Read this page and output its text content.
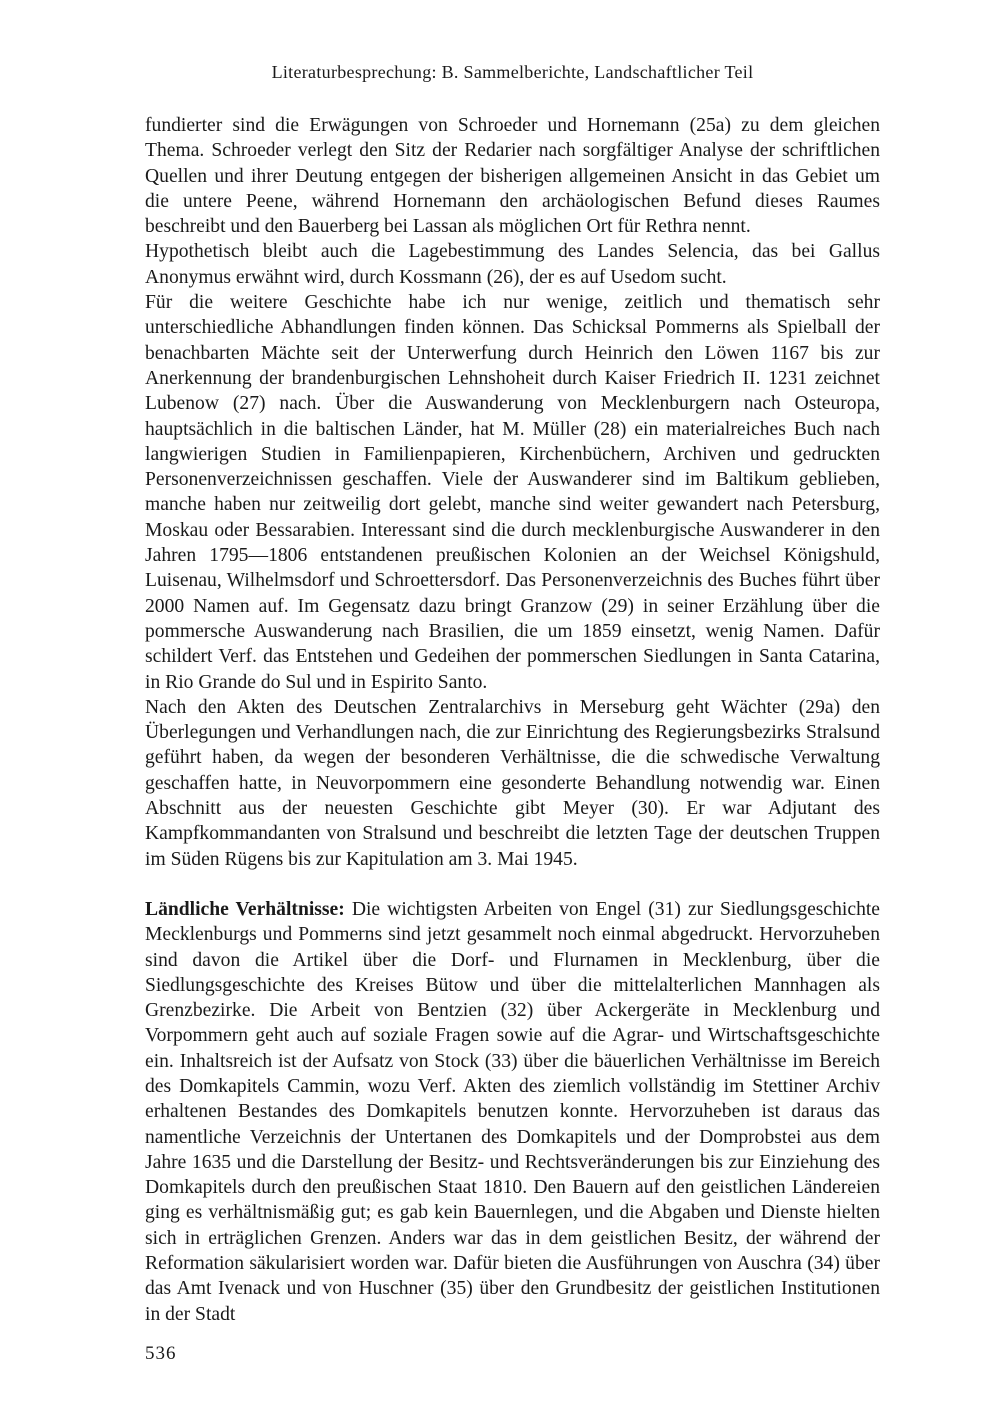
Literaturbesprechung: B. Sammelberichte, Landschaftlicher Teil

fundierter sind die Erwägungen von Schroeder und Hornemann (25a) zu dem gleichen Thema. Schroeder verlegt den Sitz der Redarier nach sorgfältiger Analyse der schriftlichen Quellen und ihrer Deutung entgegen der bisherigen allgemeinen Ansicht in das Gebiet um die untere Peene, während Hornemann den archäologischen Befund dieses Raumes beschreibt und den Bauerberg bei Lassan als möglichen Ort für Rethra nennt.

Hypothetisch bleibt auch die Lagebestimmung des Landes Selencia, das bei Gallus Anonymus erwähnt wird, durch Kossmann (26), der es auf Usedom sucht.

Für die weitere Geschichte habe ich nur wenige, zeitlich und thematisch sehr unterschiedliche Abhandlungen finden können. Das Schicksal Pommerns als Spielball der benachbarten Mächte seit der Unterwerfung durch Heinrich den Löwen 1167 bis zur Anerkennung der brandenburgischen Lehnshoheit durch Kaiser Friedrich II. 1231 zeichnet Lubenow (27) nach. Über die Auswanderung von Mecklenburgern nach Osteuropa, hauptsächlich in die baltischen Länder, hat M. Müller (28) ein materialreiches Buch nach langwierigen Studien in Familienpapieren, Kirchenbüchern, Archiven und gedruckten Personenverzeichnissen geschaffen. Viele der Auswanderer sind im Baltikum geblieben, manche haben nur zeitweilig dort gelebt, manche sind weiter gewandert nach Petersburg, Moskau oder Bessarabien. Interessant sind die durch mecklenburgische Auswanderer in den Jahren 1795—1806 entstandenen preußischen Kolonien an der Weichsel Königshuld, Luisenau, Wilhelmsdorf und Schroettersdorf. Das Personenverzeichnis des Buches führt über 2000 Namen auf. Im Gegensatz dazu bringt Granzow (29) in seiner Erzählung über die pommersche Auswanderung nach Brasilien, die um 1859 einsetzt, wenig Namen. Dafür schildert Verf. das Entstehen und Gedeihen der pommerschen Siedlungen in Santa Catarina, in Rio Grande do Sul und in Espirito Santo.

Nach den Akten des Deutschen Zentralarchivs in Merseburg geht Wächter (29a) den Überlegungen und Verhandlungen nach, die zur Einrichtung des Regierungsbezirks Stralsund geführt haben, da wegen der besonderen Verhältnisse, die die schwedische Verwaltung geschaffen hatte, in Neuvorpommern eine gesonderte Behandlung notwendig war. Einen Abschnitt aus der neuesten Geschichte gibt Meyer (30). Er war Adjutant des Kampfkommandanten von Stralsund und beschreibt die letzten Tage der deutschen Truppen im Süden Rügens bis zur Kapitulation am 3. Mai 1945.

Ländliche Verhältnisse: Die wichtigsten Arbeiten von Engel (31) zur Siedlungsgeschichte Mecklenburgs und Pommerns sind jetzt gesammelt noch einmal abgedruckt. Hervorzuheben sind davon die Artikel über die Dorf- und Flurnamen in Mecklenburg, über die Siedlungsgeschichte des Kreises Bütow und über die mittelalterlichen Mannhagen als Grenzbezirke. Die Arbeit von Bentzien (32) über Ackergeräte in Mecklenburg und Vorpommern geht auch auf soziale Fragen sowie auf die Agrar- und Wirtschaftsgeschichte ein. Inhaltsreich ist der Aufsatz von Stock (33) über die bäuerlichen Verhältnisse im Bereich des Domkapitels Cammin, wozu Verf. Akten des ziemlich vollständig im Stettiner Archiv erhaltenen Bestandes des Domkapitels benutzen konnte. Hervorzuheben ist daraus das namentliche Verzeichnis der Untertanen des Domkapitels und der Domprobstei aus dem Jahre 1635 und die Darstellung der Besitz- und Rechtsveränderungen bis zur Einziehung des Domkapitels durch den preußischen Staat 1810. Den Bauern auf den geistlichen Ländereien ging es verhältnismäßig gut; es gab kein Bauernlegen, und die Abgaben und Dienste hielten sich in erträglichen Grenzen. Anders war das in dem geistlichen Besitz, der während der Reformation säkularisiert worden war. Dafür bieten die Ausführungen von Auschra (34) über das Amt Ivenack und von Huschner (35) über den Grundbesitz der geistlichen Institutionen in der Stadt

536
